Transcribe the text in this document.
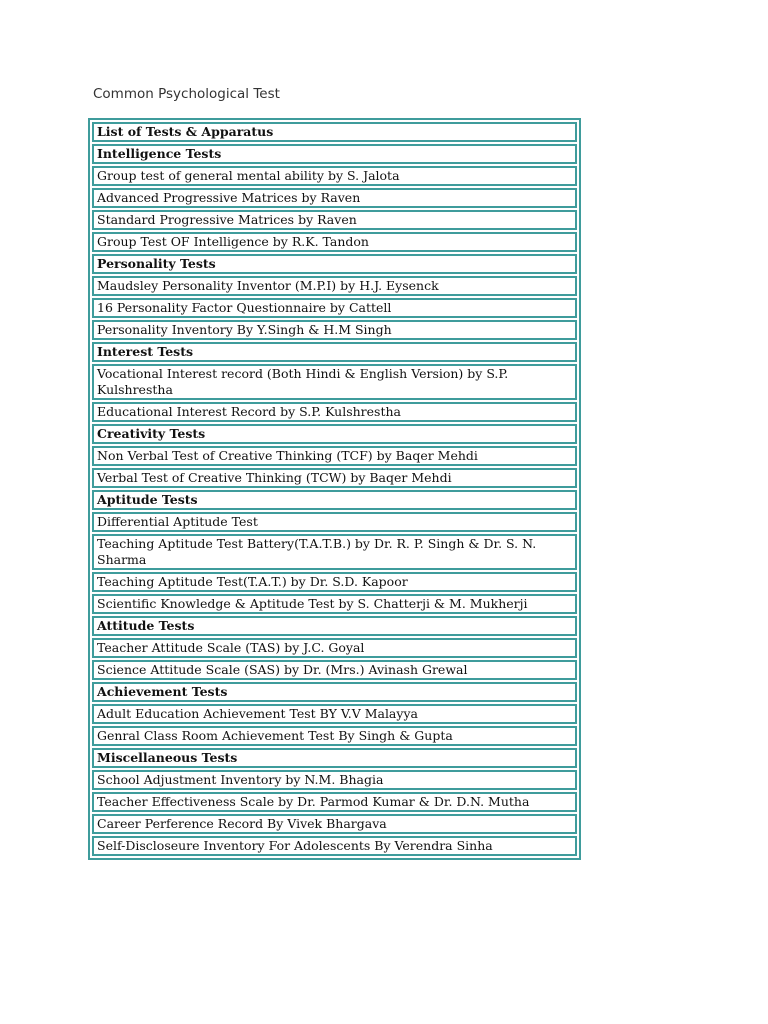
Common Psychological Test
List of Tests & Apparatus
Intelligence Tests
Group test of general mental ability by S. Jalota
Advanced Progressive Matrices by Raven
Standard Progressive Matrices by Raven
Group Test OF Intelligence by R.K. Tandon
Personality Tests
Maudsley Personality Inventor (M.P.I) by H.J. Eysenck
16 Personality Factor Questionnaire by Cattell
Personality Inventory By Y.Singh & H.M Singh
Interest Tests
Vocational Interest record (Both Hindi & English Version) by S.P. Kulshrestha
Educational Interest Record by S.P. Kulshrestha
Creativity Tests
Non Verbal Test of Creative Thinking (TCF) by Baqer Mehdi
Verbal Test of Creative Thinking (TCW) by Baqer Mehdi
Aptitude Tests
Differential Aptitude Test
Teaching Aptitude Test Battery(T.A.T.B.) by Dr. R. P. Singh & Dr. S. N. Sharma
Teaching Aptitude Test(T.A.T.) by Dr. S.D. Kapoor
Scientific Knowledge & Aptitude Test by S. Chatterji & M. Mukherji
Attitude Tests
Teacher Attitude Scale (TAS) by J.C. Goyal
Science Attitude Scale (SAS) by Dr. (Mrs.) Avinash Grewal
Achievement Tests
Adult Education Achievement Test BY V.V Malayya
Genral Class Room Achievement Test By Singh & Gupta
Miscellaneous Tests
School Adjustment Inventory by N.M. Bhagia
Teacher Effectiveness Scale by Dr. Parmod Kumar & Dr. D.N. Mutha
Career Perference Record By Vivek Bhargava
Self-Discloseure Inventory For Adolescents By Verendra Sinha
